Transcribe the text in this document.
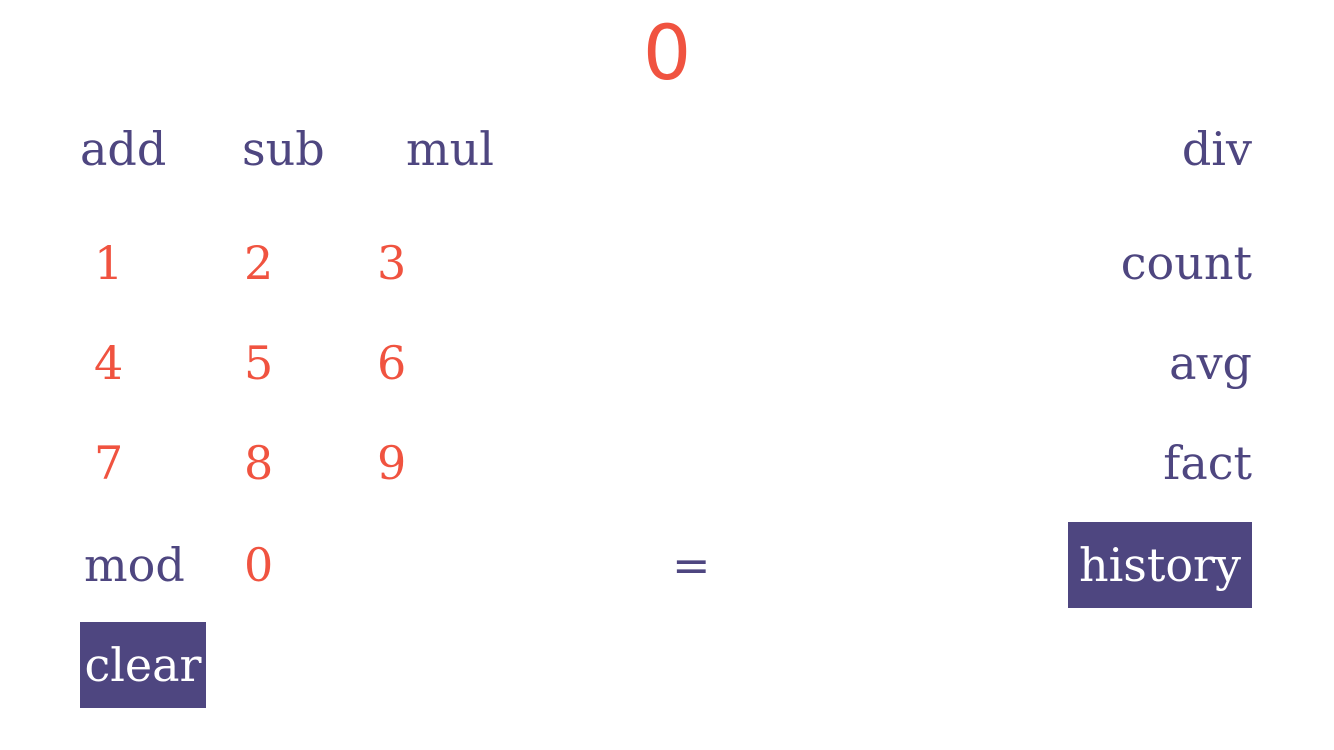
0
add sub mul	div
1	2 3	count
4	5 6	avg
7	8 9	fact
mod 0	=	history
clear
